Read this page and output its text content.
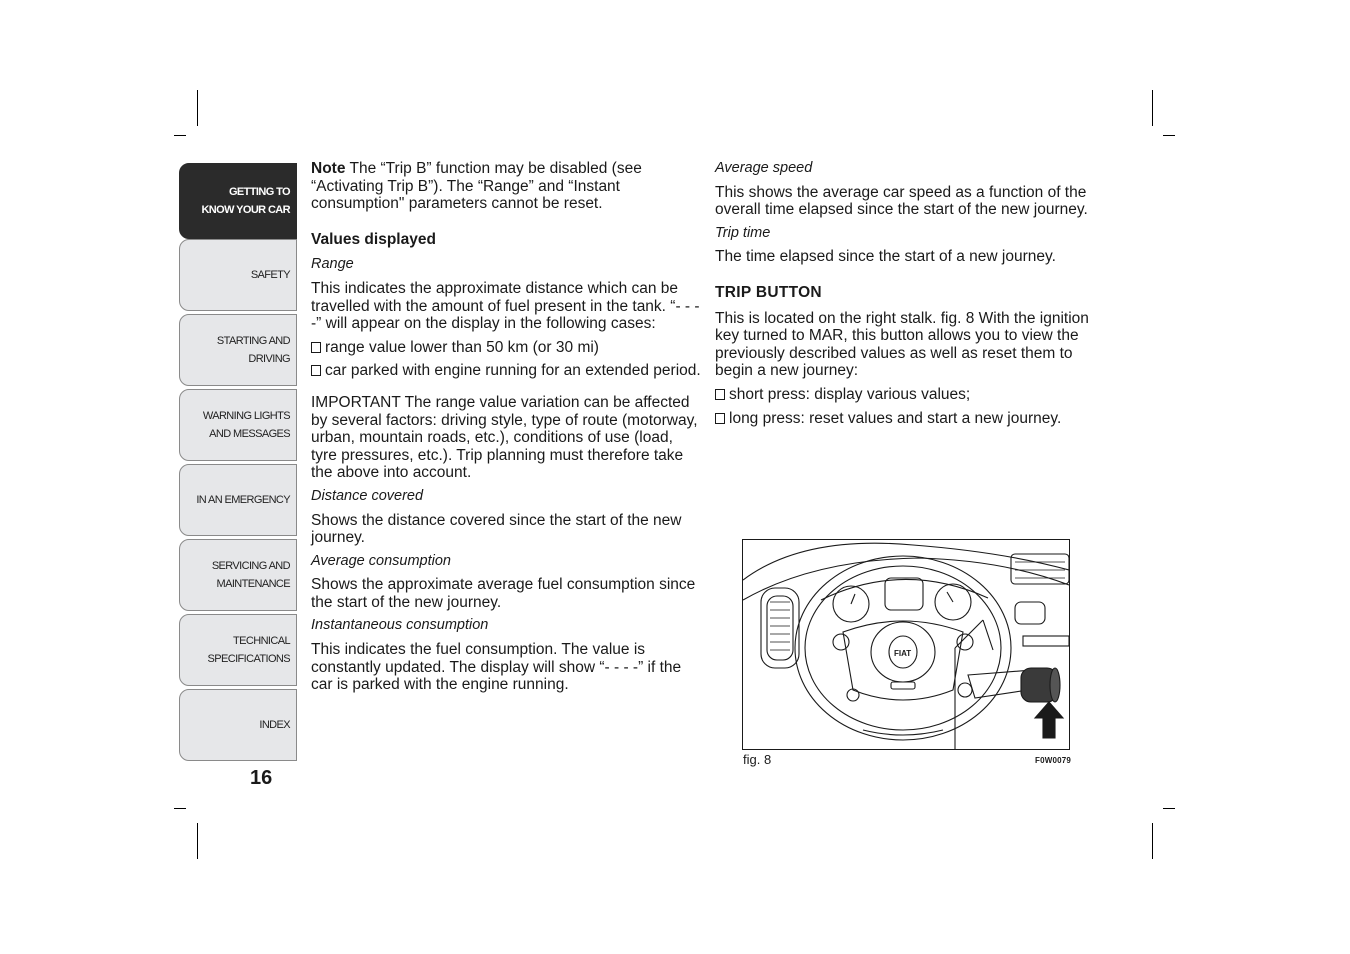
GETTING TO
KNOW YOUR CAR
SAFETY
STARTING AND
DRIVING
WARNING LIGHTS
AND MESSAGES
IN AN EMERGENCY
SERVICING AND
MAINTENANCE
TECHNICAL
SPECIFICATIONS
INDEX
16

Note The “Trip B” function may be disabled (see “Activating Trip B”). The “Range” and “Instant consumption" parameters cannot be reset.

Values displayed

Range

This indicates the approximate distance which can be travelled with the amount of fuel present in the tank. “- - - -” will appear on the display in the following cases:

range value lower than 50 km (or 30 mi)

car parked with engine running for an extended period.

IMPORTANT The range value variation can be affected by several factors: driving style, type of route (motorway, urban, mountain roads, etc.), conditions of use (load, tyre pressures, etc.). Trip planning must therefore take the above into account.

Distance covered

Shows the distance covered since the start of the new journey.

Average consumption

Shows the approximate average fuel consumption since the start of the new journey.

Instantaneous consumption

This indicates the fuel consumption. The value is constantly updated. The display will show “- - - -” if the car is parked with the engine running.

Average speed

This shows the average car speed as a function of the overall time elapsed since the start of the new journey.

Trip time

The time elapsed since the start of a new journey.

TRIP BUTTON

This is located on the right stalk. fig. 8 With the ignition key turned to MAR, this button allows you to view the previously described values as well as reset them to begin a new journey:

short press: display various values;

long press: reset values and start a new journey.

FIAT
fig. 8	F0W0079
